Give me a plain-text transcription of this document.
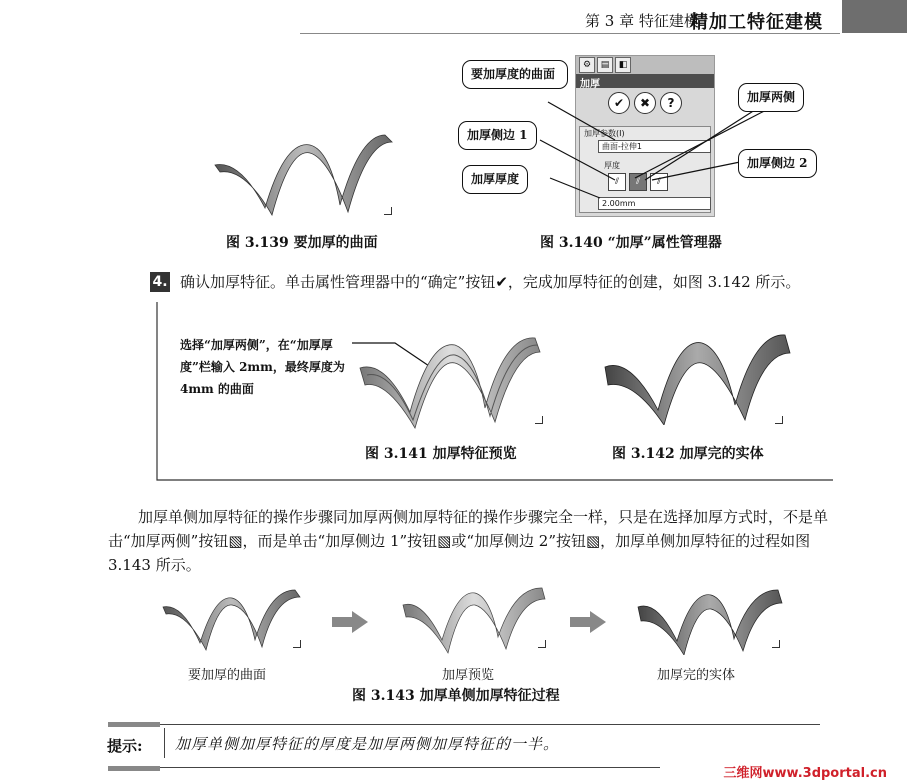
第 3 章 特征建模
精加工特征建模
图 3.139 要加厚的曲面
⚙	▤	◧
加厚
✔	✖	?
加厚参数(I)
曲面-拉伸1
厚度
⫽	⫽	⫽
2.00mm
要加厚度的曲面
加厚两侧
加厚侧边 1
加厚侧边 2
加厚厚度
图 3.140 “加厚”属性管理器
4. 确认加厚特征。单击属性管理器中的“确定”按钮✔，完成加厚特征的创建，如图 3.142 所示。
选择“加厚两侧”，在“加厚厚度”栏输入 2mm，最终厚度为 4mm 的曲面
图 3.141 加厚特征预览	图 3.142 加厚完的实体
加厚单侧加厚特征的操作步骤同加厚两侧加厚特征的操作步骤完全一样，只是在选择加厚方式时，不是单击“加厚两侧”按钮▧，而是单击“加厚侧边 1”按钮▧或“加厚侧边 2”按钮▧，加厚单侧加厚特征的过程如图 3.143 所示。
要加厚的曲面	加厚预览	加厚完的实体
图 3.143 加厚单侧加厚特征过程
提示: 加厚单侧加厚特征的厚度是加厚两侧加厚特征的一半。
三维网www.3dportal.cn
